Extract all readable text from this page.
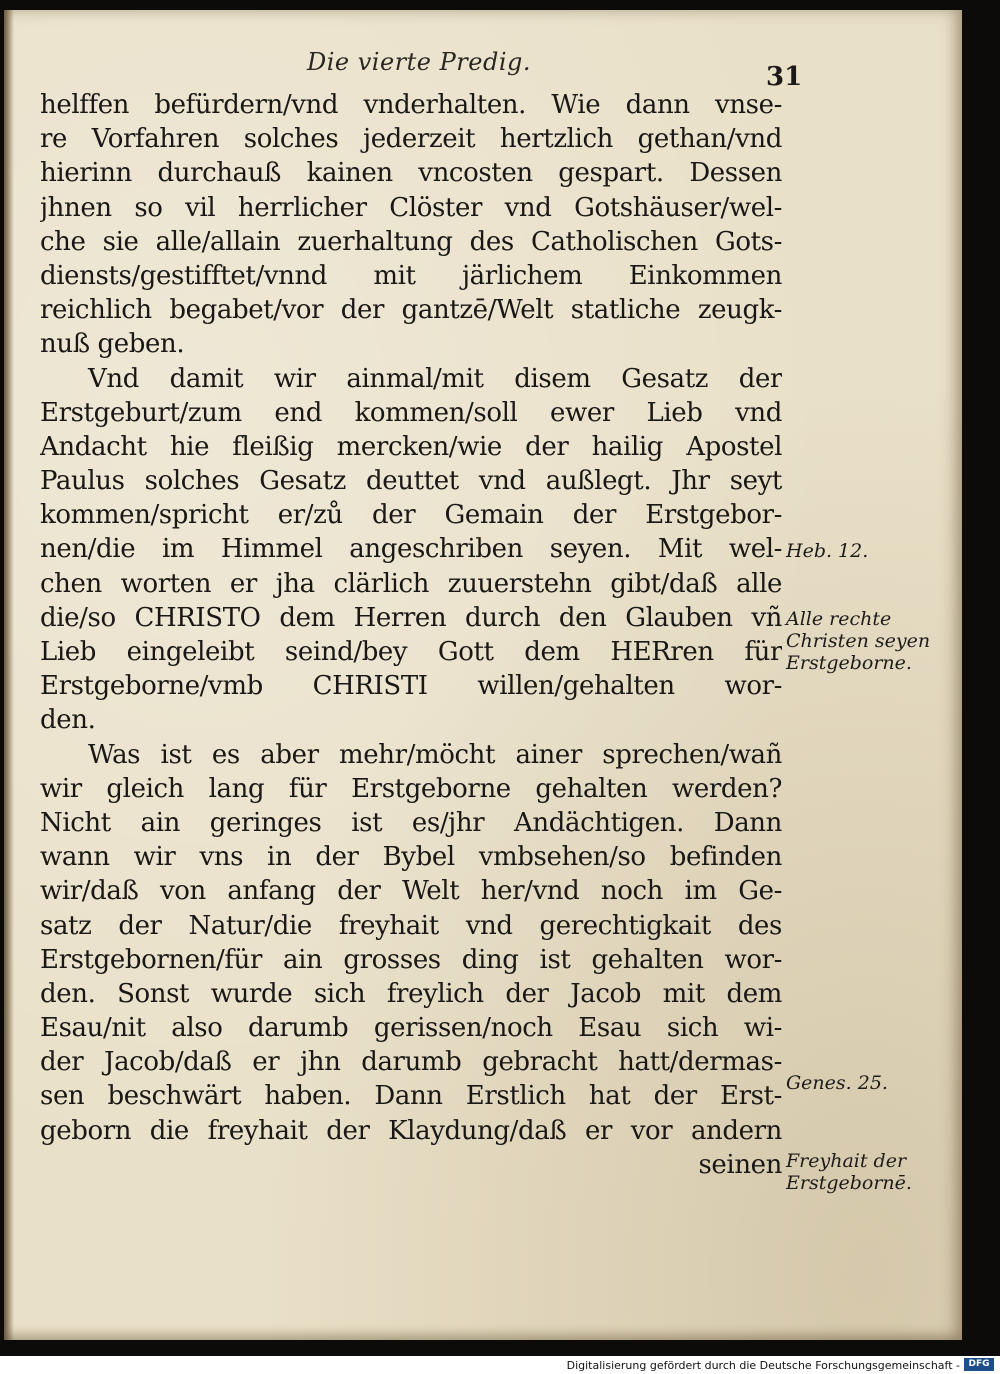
Die vierte Predig.	31
helffen befürdern/vnd vnderhalten. Wie dann vnse-
re Vorfahren solches jederzeit hertzlich gethan/vnd
hierinn durchauß kainen vncosten gespart. Dessen
jhnen so vil herrlicher Clöster vnd Gotshäuser/wel-
che sie alle/allain zuerhaltung des Catholischen Gots-
diensts/gestifftet/vnnd mit järlichem Einkommen
reichlich begabet/vor der gantzē/Welt statliche zeugk-
nuß geben.
Vnd damit wir ainmal/mit disem Gesatz der
Erstgeburt/zum end kommen/soll ewer Lieb vnd
Andacht hie fleißig mercken/wie der hailig Apostel
Paulus solches Gesatz deuttet vnd außlegt. Jhr seyt
kommen/spricht er/zů der Gemain der Erstgebor-
nen/die im Himmel angeschriben seyen. Mit wel-
chen worten er jha clärlich zuuerstehn gibt/daß alle
die/so CHRISTO dem Herren durch den Glauben vñ
Lieb eingeleibt seind/bey Gott dem HERren für
Erstgeborne/vmb CHRISTI willen/gehalten wor-
den.
Was ist es aber mehr/möcht ainer sprechen/wañ
wir gleich lang für Erstgeborne gehalten werden?
Nicht ain geringes ist es/jhr Andächtigen. Dann
wann wir vns in der Bybel vmbsehen/so befinden
wir/daß von anfang der Welt her/vnd noch im Ge-
satz der Natur/die freyhait vnd gerechtigkait des
Erstgebornen/für ain grosses ding ist gehalten wor-
den. Sonst wurde sich freylich der Jacob mit dem
Esau/nit also darumb gerissen/noch Esau sich wi-
der Jacob/daß er jhn darumb gebracht hatt/dermas-
sen beschwärt haben. Dann Erstlich hat der Erst-
geborn die freyhait der Klaydung/daß er vor andern
seinen
Heb. 12.
Alle rechte
Christen seyen
Erstgeborne.
Genes. 25.
Freyhait der
Erstgebornē.
Digitalisierung gefördert durch die Deutsche Forschungsgemeinschaft - DFG
